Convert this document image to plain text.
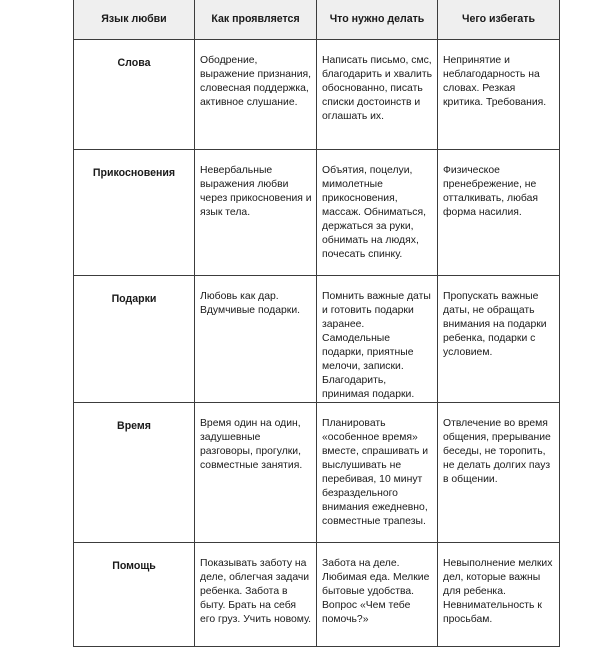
Язык любви	Как проявляется	Что нужно делать	Чего избегать
Слова	Ободрение, выражение признания, словесная поддержка, активное слушание.	Написать письмо, смс, благодарить и хвалить обоснованно, писать списки достоинств и оглашать их.	Непринятие и неблагодарность на словах. Резкая критика. Требования.
Прикосновения	Невербальные выражения любви через прикосновения и язык тела.	Объятия, поцелуи, мимолетные прикосновения, массаж. Обниматься, держаться за руки, обнимать на людях, почесать спинку.	Физическое пренебрежение, не отталкивать, любая форма насилия.
Подарки	Любовь как дар. Вдумчивые подарки.	Помнить важные даты и готовить подарки заранее. Самодельные подарки, приятные мелочи, записки. Благодарить, принимая подарки.	Пропускать важные даты, не обращать внимания на подарки ребенка, подарки с условием.
Время	Время один на один, задушевные разговоры, прогулки, совместные занятия.	Планировать «особенное время» вместе, спрашивать и выслушивать не перебивая, 10 минут безраздельного внимания ежедневно, совместные трапезы.	Отвлечение во время общения, прерывание беседы, не торопить, не делать долгих пауз в общении.
Помощь	Показывать заботу на деле, облегчая задачи ребенка. Забота в быту. Брать на себя его груз. Учить новому.	Забота на деле. Любимая еда. Мелкие бытовые удобства. Вопрос «Чем тебе помочь?»	Невыполнение мелких дел, которые важны для ребенка. Невнимательность к просьбам.
